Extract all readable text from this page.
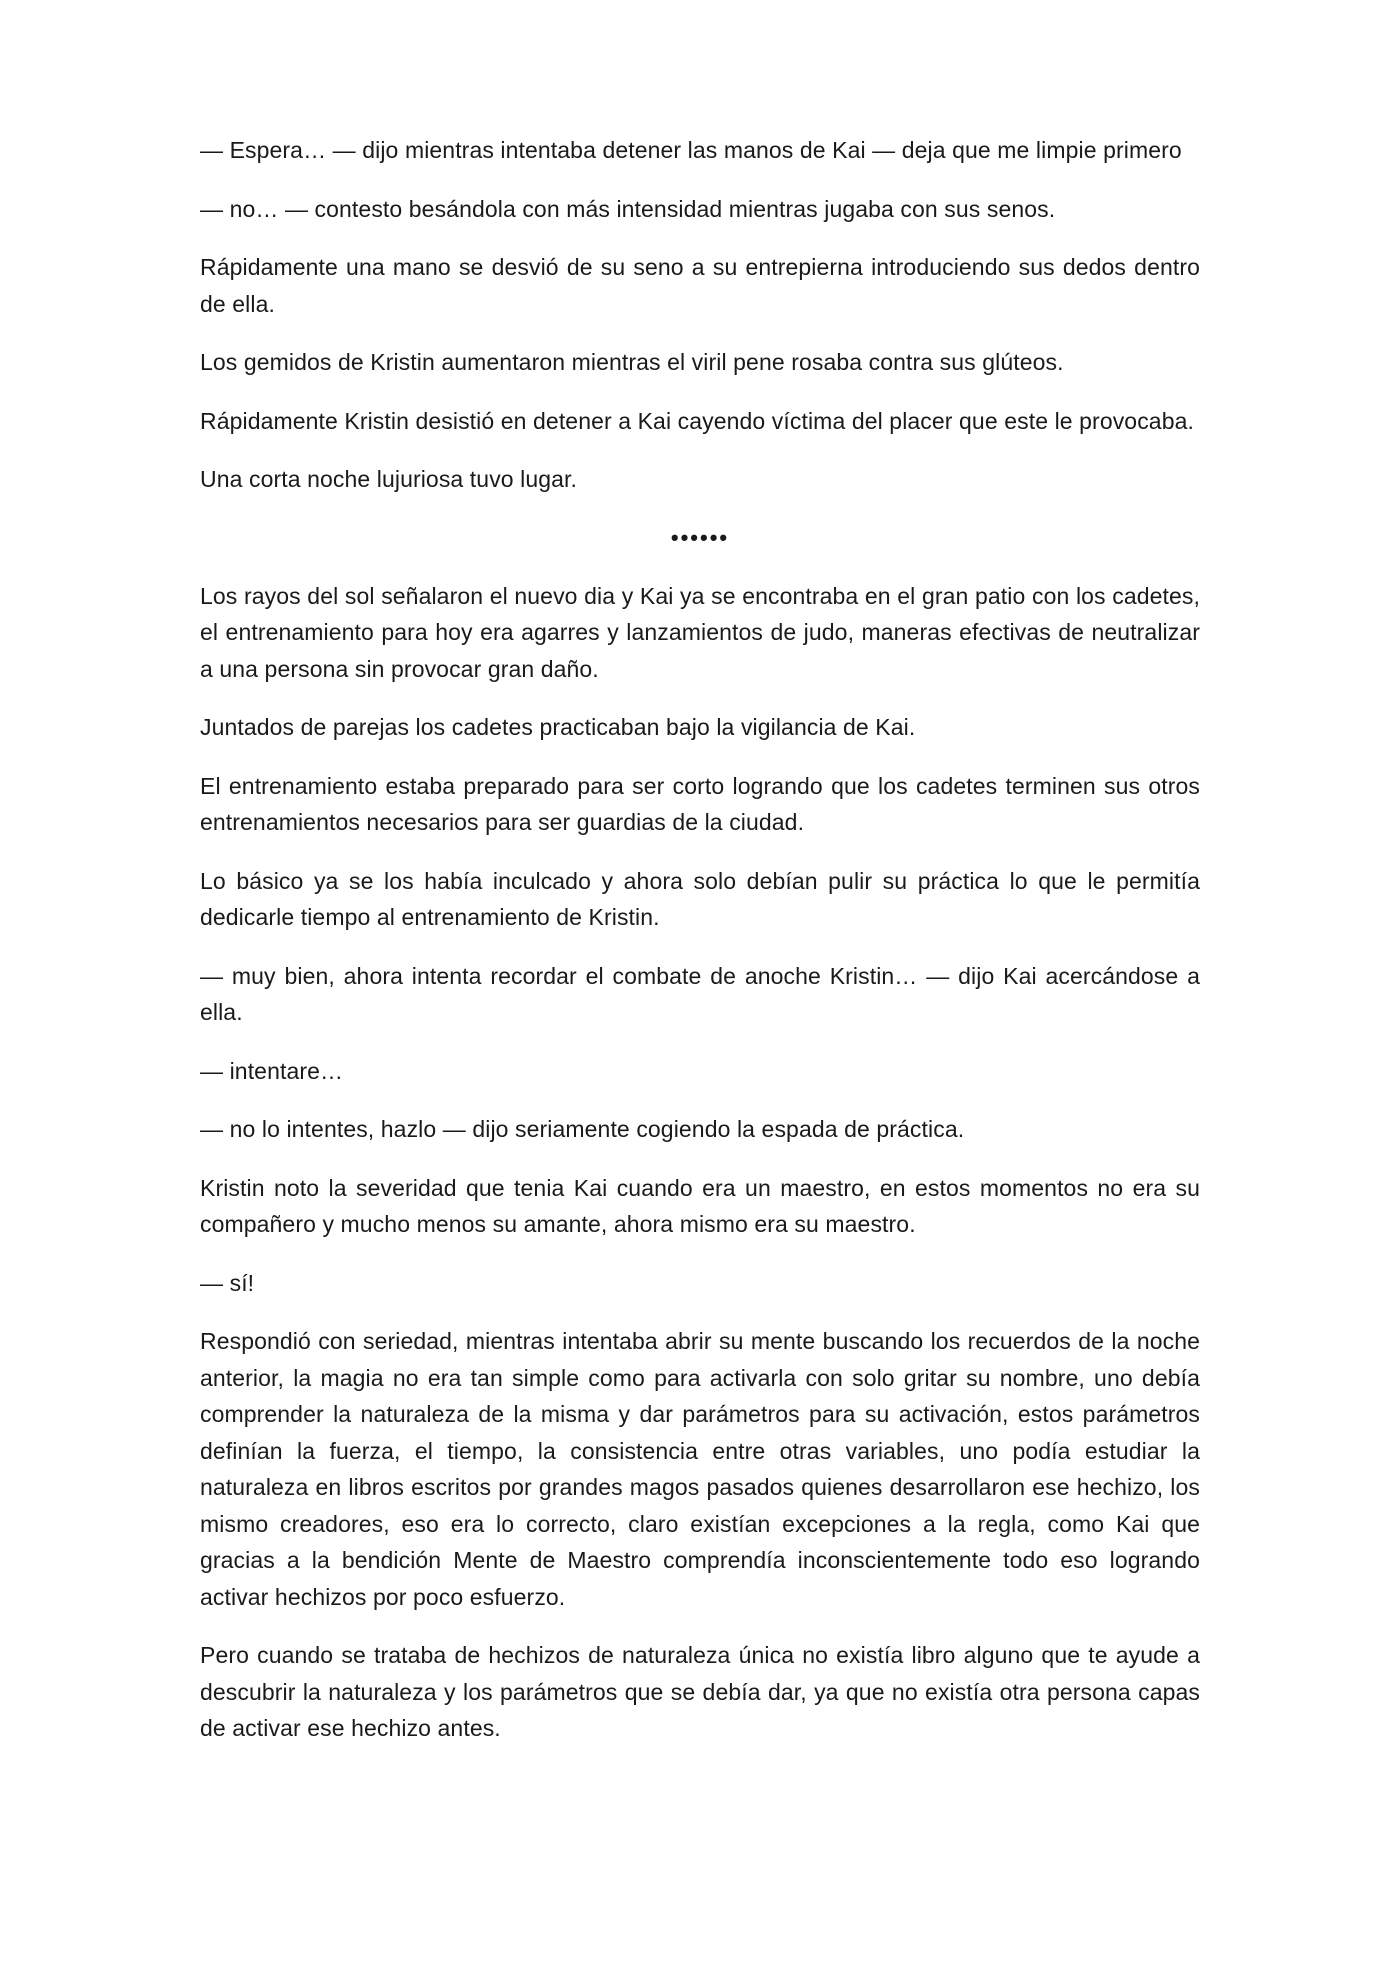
— Espera… — dijo mientras intentaba detener las manos de Kai — deja que me limpie primero

— no… — contesto besándola con más intensidad mientras jugaba con sus senos.

Rápidamente una mano se desvió de su seno a su entrepierna introduciendo sus dedos dentro de ella.

Los gemidos de Kristin aumentaron mientras el viril pene rosaba contra sus glúteos.

Rápidamente Kristin desistió en detener a Kai cayendo víctima del placer que este le provocaba.

Una corta noche lujuriosa tuvo lugar.

••••••

Los rayos del sol señalaron el nuevo dia y Kai ya se encontraba en el gran patio con los cadetes, el entrenamiento para hoy era agarres y lanzamientos de judo, maneras efectivas de neutralizar a una persona sin provocar gran daño.

Juntados de parejas los cadetes practicaban bajo la vigilancia de Kai.

El entrenamiento estaba preparado para ser corto logrando que los cadetes terminen sus otros entrenamientos necesarios para ser guardias de la ciudad.

Lo básico ya se los había inculcado y ahora solo debían pulir su práctica lo que le permitía dedicarle tiempo al entrenamiento de Kristin.

— muy bien, ahora intenta recordar el combate de anoche Kristin… — dijo Kai acercándose a ella.

— intentare…

— no lo intentes, hazlo — dijo seriamente cogiendo la espada de práctica.

Kristin noto la severidad que tenia Kai cuando era un maestro, en estos momentos no era su compañero y mucho menos su amante, ahora mismo era su maestro.

— sí!

Respondió con seriedad, mientras intentaba abrir su mente buscando los recuerdos de la noche anterior, la magia no era tan simple como para activarla con solo gritar su nombre, uno debía comprender la naturaleza de la misma y dar parámetros para su activación, estos parámetros definían la fuerza, el tiempo, la consistencia entre otras variables, uno podía estudiar la naturaleza en libros escritos por grandes magos pasados quienes desarrollaron ese hechizo, los mismo creadores, eso era lo correcto, claro existían excepciones a la regla, como Kai que gracias a la bendición Mente de Maestro comprendía inconscientemente todo eso logrando activar hechizos por poco esfuerzo.

Pero cuando se trataba de hechizos de naturaleza única no existía libro alguno que te ayude a descubrir la naturaleza y los parámetros que se debía dar, ya que no existía otra persona capas de activar ese hechizo antes.
